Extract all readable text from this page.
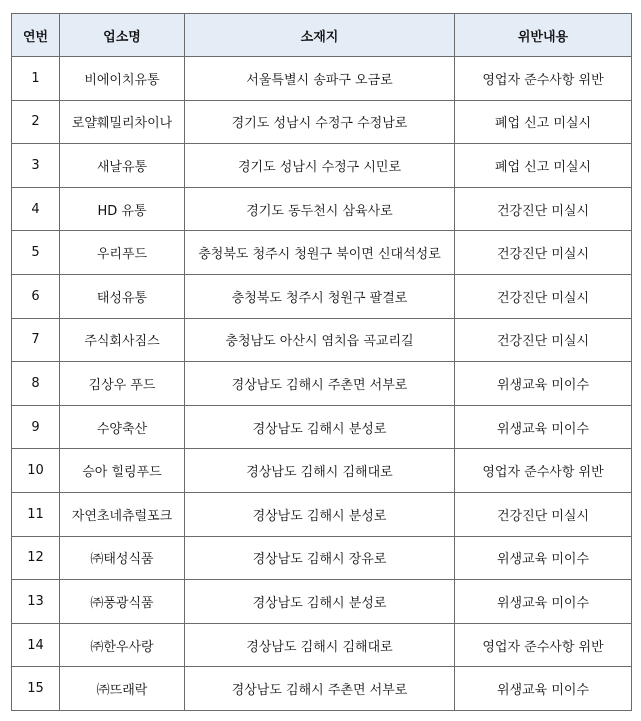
연번	업소명	소재지	위반내용
1	비에이치유통	서울특별시 송파구 오금로	영업자 준수사항 위반
2	로얄훼밀리차이나	경기도 성남시 수정구 수정남로	폐업 신고 미실시
3	새날유통	경기도 성남시 수정구 시민로	폐업 신고 미실시
4	HD 유통	경기도 동두천시 삼육사로	건강진단 미실시
5	우리푸드	충청북도 청주시 청원구 북이면 신대석성로	건강진단 미실시
6	태성유통	충청북도 청주시 청원구 팔결로	건강진단 미실시
7	주식회사짐스	충청남도 아산시 염치읍 곡교리길	건강진단 미실시
8	김상우 푸드	경상남도 김해시 주촌면 서부로	위생교육 미이수
9	수양축산	경상남도 김해시 분성로	위생교육 미이수
10	승아 힐링푸드	경상남도 김해시 김해대로	영업자 준수사항 위반
11	자연초네츄럴포크	경상남도 김해시 분성로	건강진단 미실시
12	㈜태성식품	경상남도 김해시 장유로	위생교육 미이수
13	㈜풍광식품	경상남도 김해시 분성로	위생교육 미이수
14	㈜한우사랑	경상남도 김해시 김해대로	영업자 준수사항 위반
15	㈜뜨래락	경상남도 김해시 주촌면 서부로	위생교육 미이수
